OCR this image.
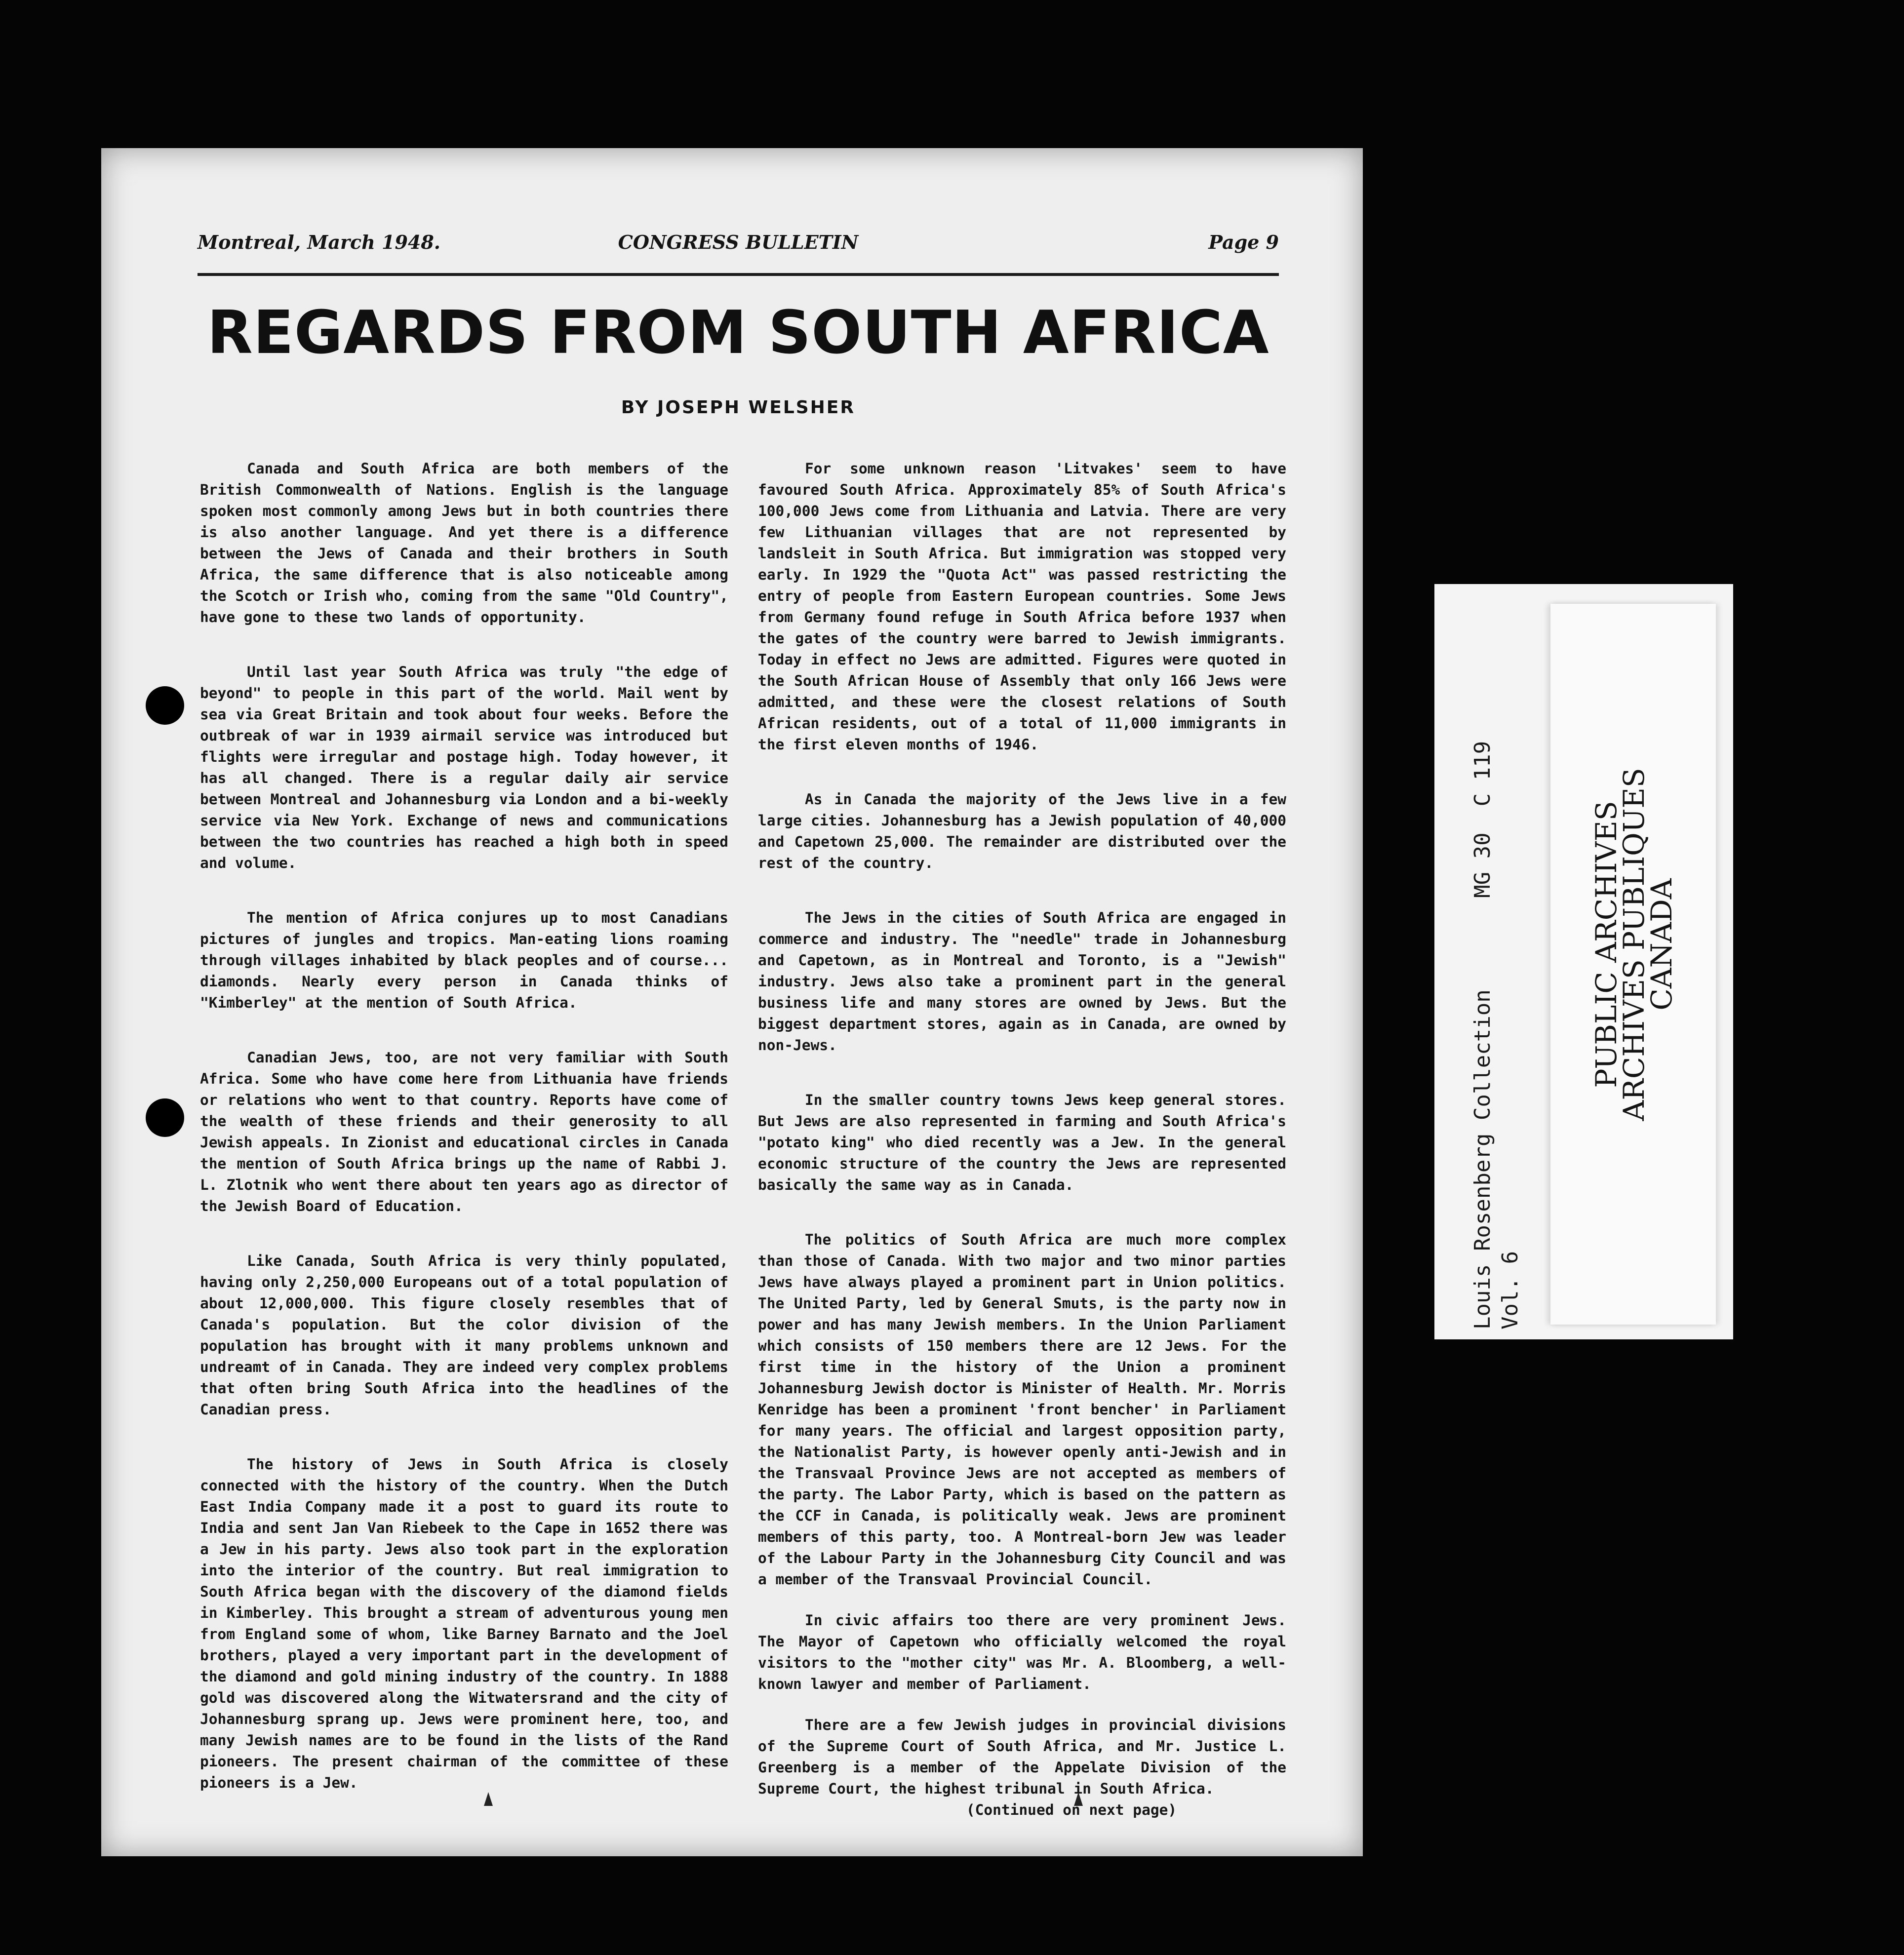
Montreal, March 1948.	CONGRESS BULLETIN	Page 9
REGARDS FROM SOUTH AFRICA
BY JOSEPH WELSHER

Canada and South Africa are both members of the British Commonwealth of Nations. English is the language spoken most commonly among Jews but in both countries there is also another language. And yet there is a difference between the Jews of Canada and their brothers in South Africa, the same difference that is also noticeable among the Scotch or Irish who, coming from the same "Old Country", have gone to these two lands of opportunity.

Until last year South Africa was truly "the edge of beyond" to people in this part of the world. Mail went by sea via Great Britain and took about four weeks. Before the outbreak of war in 1939 airmail service was introduced but flights were irregular and postage high. Today however, it has all changed. There is a regular daily air service between Montreal and Johannesburg via London and a bi-weekly service via New York. Exchange of news and communications between the two countries has reached a high both in speed and volume.

The mention of Africa conjures up to most Canadians pictures of jungles and tropics. Man-eating lions roaming through villages inhabited by black peoples and of course... diamonds. Nearly every person in Canada thinks of "Kimberley" at the mention of South Africa.

Canadian Jews, too, are not very familiar with South Africa. Some who have come here from Lithuania have friends or relations who went to that country. Reports have come of the wealth of these friends and their generosity to all Jewish appeals. In Zionist and educational circles in Canada the mention of South Africa brings up the name of Rabbi J. L. Zlotnik who went there about ten years ago as director of the Jewish Board of Education.

Like Canada, South Africa is very thinly populated, having only 2,250,000 Europeans out of a total population of about 12,000,000. This figure closely resembles that of Canada's population. But the color division of the population has brought with it many problems unknown and undreamt of in Canada. They are indeed very complex problems that often bring South Africa into the headlines of the Canadian press.

The history of Jews in South Africa is closely connected with the history of the country. When the Dutch East India Company made it a post to guard its route to India and sent Jan Van Riebeek to the Cape in 1652 there was a Jew in his party. Jews also took part in the exploration into the interior of the country. But real immigration to South Africa began with the discovery of the diamond fields in Kimberley. This brought a stream of adventurous young men from England some of whom, like Barney Barnato and the Joel brothers, played a very important part in the development of the diamond and gold mining industry of the country. In 1888 gold was discovered along the Witwatersrand and the city of Johannesburg sprang up. Jews were prominent here, too, and many Jewish names are to be found in the lists of the Rand pioneers. The present chairman of the committee of these pioneers is a Jew.

For some unknown reason 'Litvakes' seem to have favoured South Africa. Approximately 85% of South Africa's 100,000 Jews come from Lithuania and Latvia. There are very few Lithuanian villages that are not represented by landsleit in South Africa. But immigration was stopped very early. In 1929 the "Quota Act" was passed restricting the entry of people from Eastern European countries. Some Jews from Germany found refuge in South Africa before 1937 when the gates of the country were barred to Jewish immigrants. Today in effect no Jews are admitted. Figures were quoted in the South African House of Assembly that only 166 Jews were admitted, and these were the closest relations of South African residents, out of a total of 11,000 immigrants in the first eleven months of 1946.

As in Canada the majority of the Jews live in a few large cities. Johannesburg has a Jewish population of 40,000 and Capetown 25,000. The remainder are distributed over the rest of the country.

The Jews in the cities of South Africa are engaged in commerce and industry. The "needle" trade in Johannesburg and Capetown, as in Montreal and Toronto, is a "Jewish" industry. Jews also take a prominent part in the general business life and many stores are owned by Jews. But the biggest department stores, again as in Canada, are owned by non-Jews.

In the smaller country towns Jews keep general stores. But Jews are also represented in farming and South Africa's "potato king" who died recently was a Jew. In the general economic structure of the country the Jews are represented basically the same way as in Canada.

The politics of South Africa are much more complex than those of Canada. With two major and two minor parties Jews have always played a prominent part in Union politics. The United Party, led by General Smuts, is the party now in power and has many Jewish members. In the Union Parliament which consists of 150 members there are 12 Jews. For the first time in the history of the Union a prominent Johannesburg Jewish doctor is Minister of Health. Mr. Morris Kenridge has been a prominent 'front bencher' in Parliament for many years. The official and largest opposition party, the Nationalist Party, is however openly anti-Jewish and in the Transvaal Province Jews are not accepted as members of the party. The Labor Party, which is based on the pattern as the CCF in Canada, is politically weak. Jews are prominent members of this party, too. A Montreal-born Jew was leader of the Labour Party in the Johannesburg City Council and was a member of the Transvaal Provincial Council.

In civic affairs too there are very prominent Jews. The Mayor of Capetown who officially welcomed the royal visitors to the "mother city" was Mr. A. Bloomberg, a well-known lawyer and member of Parliament.

There are a few Jewish judges in provincial divisions of the Supreme Court of South Africa, and Mr. Justice L. Greenberg is a member of the Appelate Division of the Supreme Court, the highest tribunal in South Africa.

(Continued on next page)
Louis Rosenberg Collection       MG 30  C 119
Vol. 6
PUBLIC ARCHIVES
ARCHIVES PUBLIQUES
CANADA
